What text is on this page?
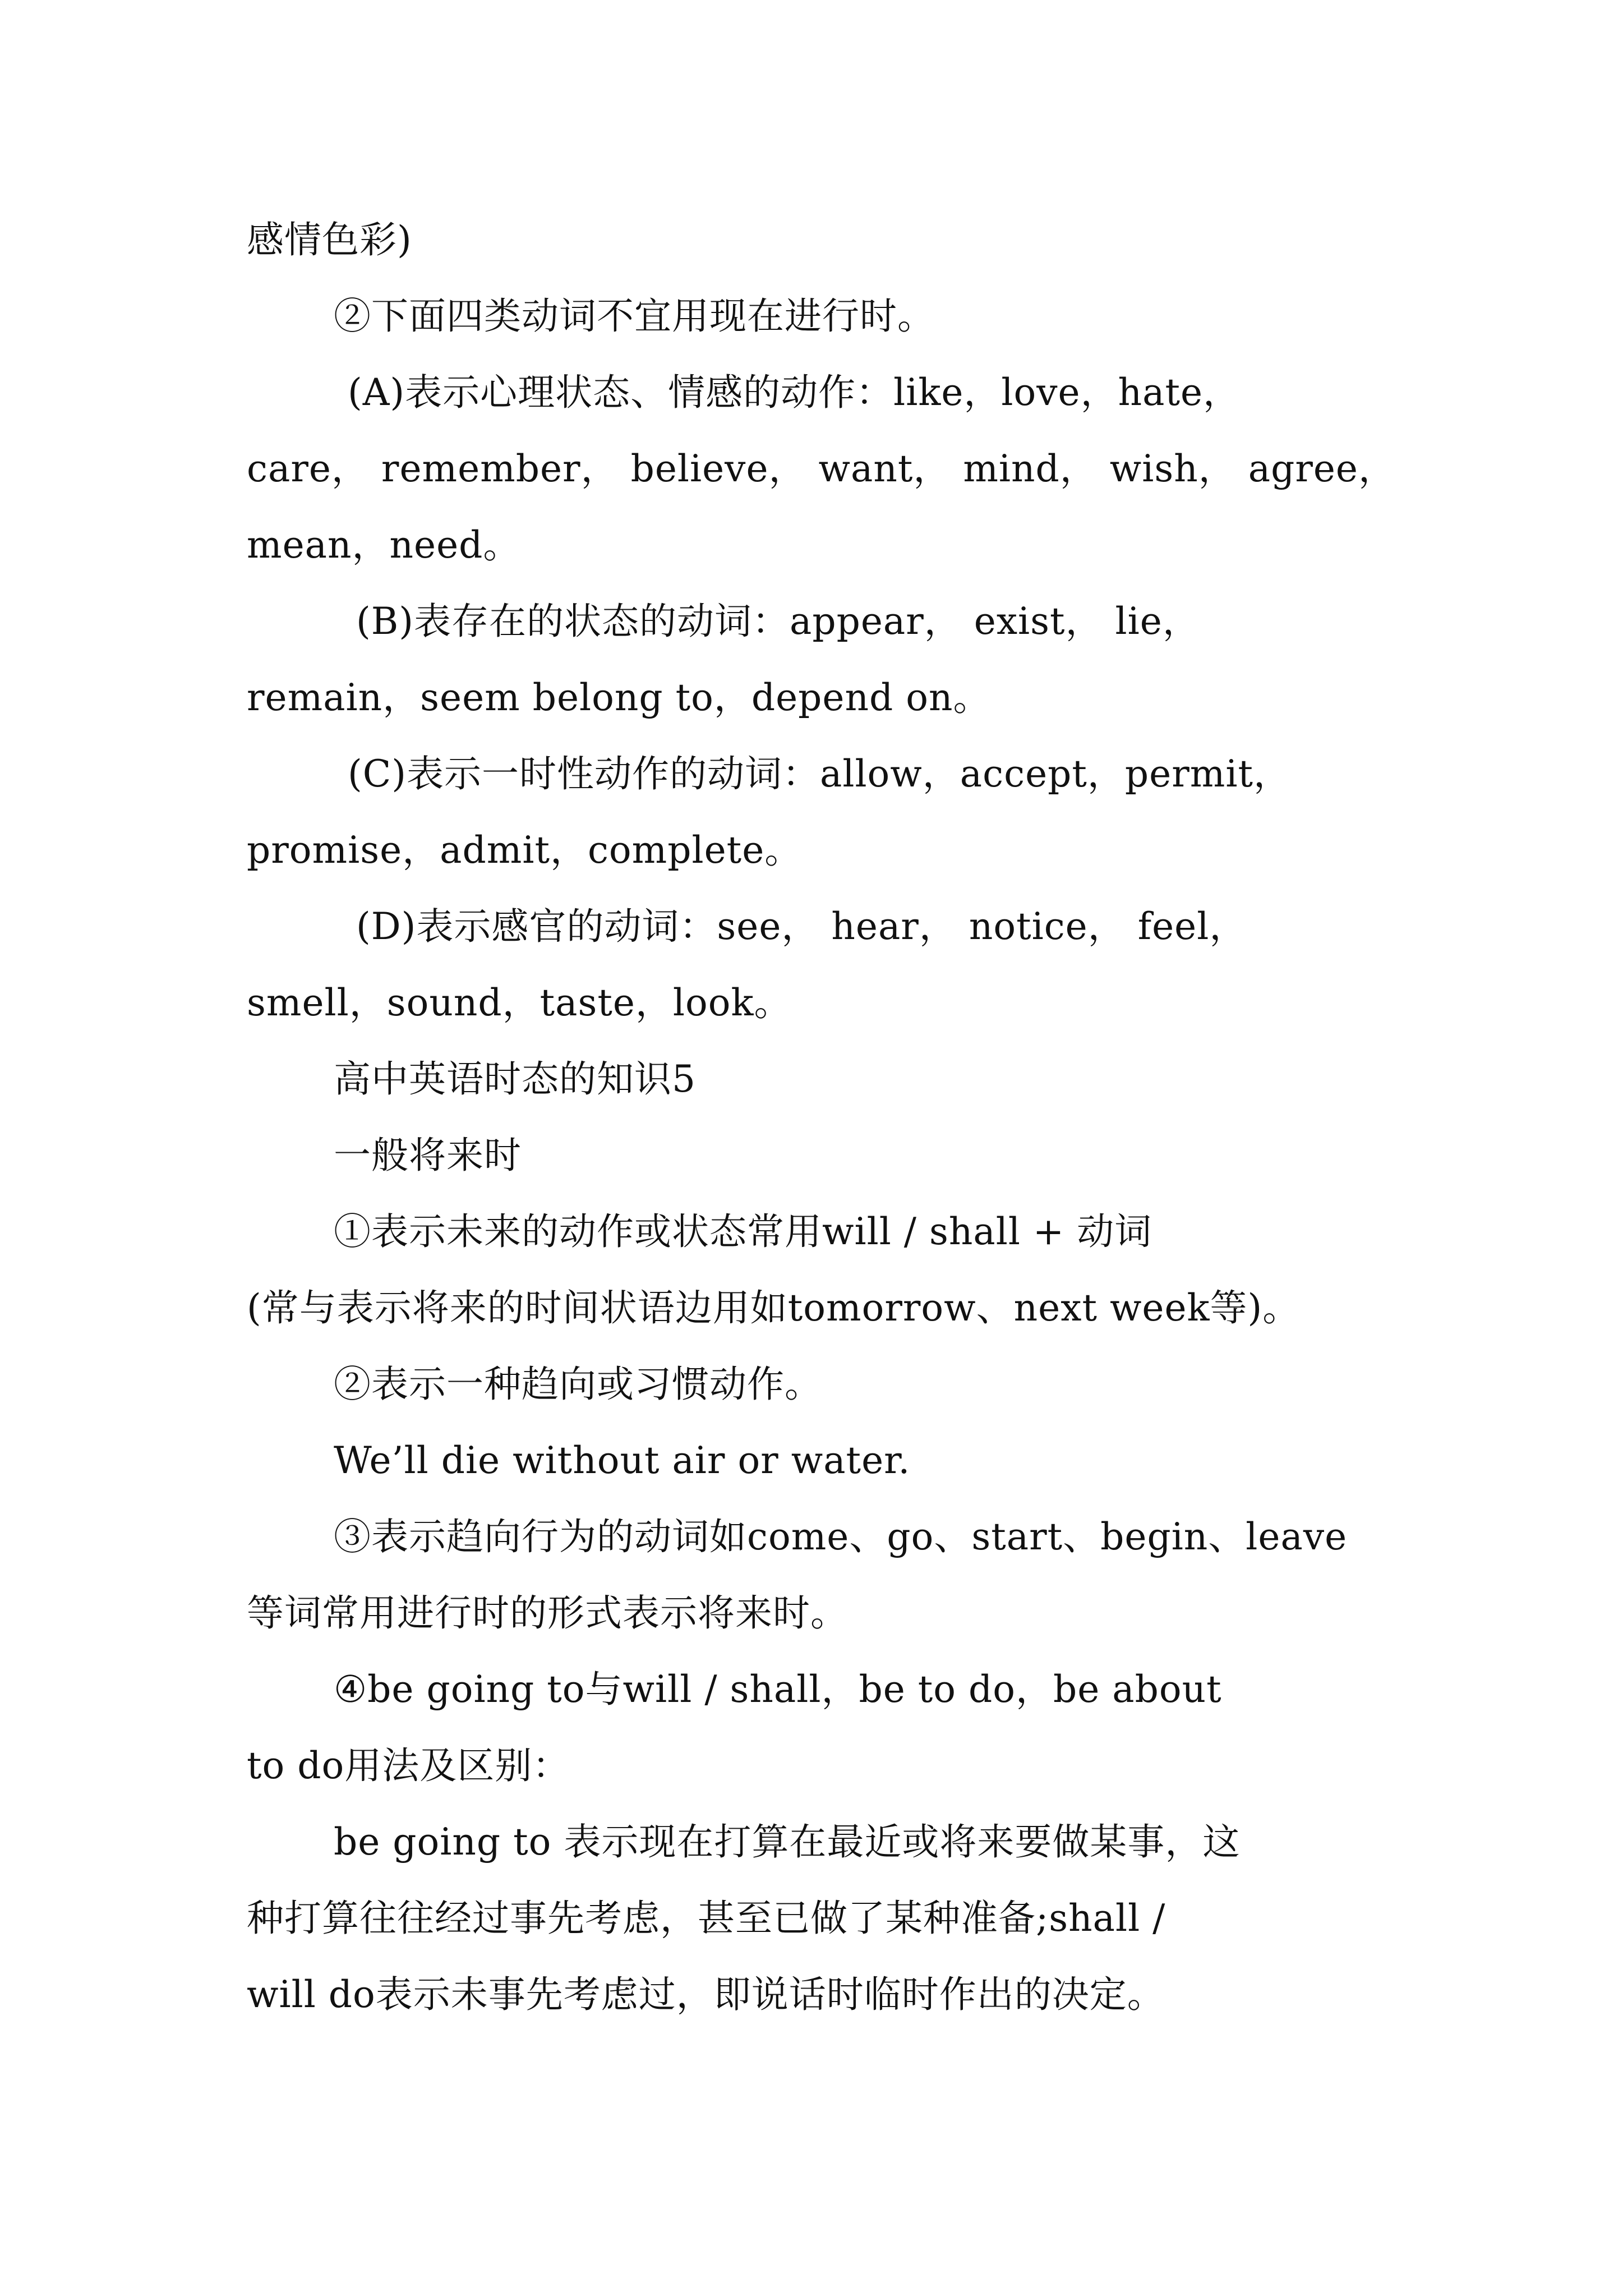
感情色彩)
②下面四类动词不宜用现在进行时。
(A)表示心理状态、情感的动作：like，love，hate，
care， remember， believe， want， mind， wish， agree，
mean，need。
(B)表存在的状态的动词：appear， exist， lie，
remain，seem belong to，depend on。
(C)表示一时性动作的动词：allow，accept，permit，
promise，admit，complete。
(D)表示感官的动词：see， hear， notice， feel，
smell，sound，taste，look。
高中英语时态的知识5
一般将来时
①表示未来的动作或状态常用will / shall + 动词
(常与表示将来的时间状语边用如tomorrow、next week等)。
②表示一种趋向或习惯动作。
We’ll die without air or water.
③表示趋向行为的动词如come、go、start、begin、leave
等词常用进行时的形式表示将来时。
④be going to与will / shall，be to do，be about
to do用法及区别：
be going to 表示现在打算在最近或将来要做某事，这
种打算往往经过事先考虑，甚至已做了某种准备;shall /
will do表示未事先考虑过，即说话时临时作出的决定。
